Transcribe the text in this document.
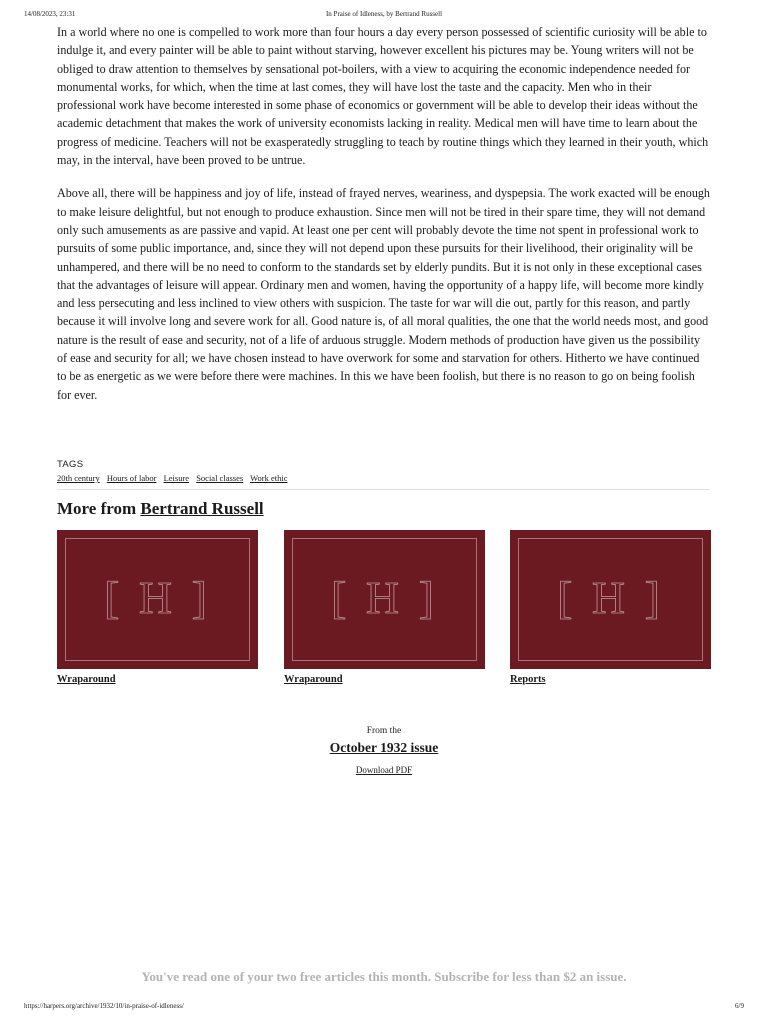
14/08/2023, 23:31	In Praise of Idleness, by Bertrand Russell

In a world where no one is compelled to work more than four hours a day every person possessed of scientific curiosity will be able to indulge it, and every painter will be able to paint without starving, however excellent his pictures may be. Young writers will not be obliged to draw attention to themselves by sensational pot-boilers, with a view to acquiring the economic independence needed for monumental works, for which, when the time at last comes, they will have lost the taste and the capacity. Men who in their professional work have become interested in some phase of economics or government will be able to develop their ideas without the academic detachment that makes the work of university economists lacking in reality. Medical men will have time to learn about the progress of medicine. Teachers will not be exasperatedly struggling to teach by routine things which they learned in their youth, which may, in the interval, have been proved to be untrue.

Above all, there will be happiness and joy of life, instead of frayed nerves, weariness, and dyspepsia. The work exacted will be enough to make leisure delightful, but not enough to produce exhaustion. Since men will not be tired in their spare time, they will not demand only such amusements as are passive and vapid. At least one per cent will probably devote the time not spent in professional work to pursuits of some public importance, and, since they will not depend upon these pursuits for their livelihood, their originality will be unhampered, and there will be no need to conform to the standards set by elderly pundits. But it is not only in these exceptional cases that the advantages of leisure will appear. Ordinary men and women, having the opportunity of a happy life, will become more kindly and less persecuting and less inclined to view others with suspicion. The taste for war will die out, partly for this reason, and partly because it will involve long and severe work for all. Good nature is, of all moral qualities, the one that the world needs most, and good nature is the result of ease and security, not of a life of arduous struggle. Modern methods of production have given us the possibility of ease and security for all; we have chosen instead to have overwork for some and starvation for others. Hitherto we have continued to be as energetic as we were before there were machines. In this we have been foolish, but there is no reason to go on being foolish for ever.

TAGS
20th century Hours of labor Leisure Social classes Work ethic
More from Bertrand Russell
[ H ]
Wraparound
[ H ]
Wraparound
[ H ]
Reports
From the
October 1932 issue
Download PDF
You've read one of your two free articles this month. Subscribe for less than $2 an issue.
https://harpers.org/archive/1932/10/in-praise-of-idleness/	6/9
